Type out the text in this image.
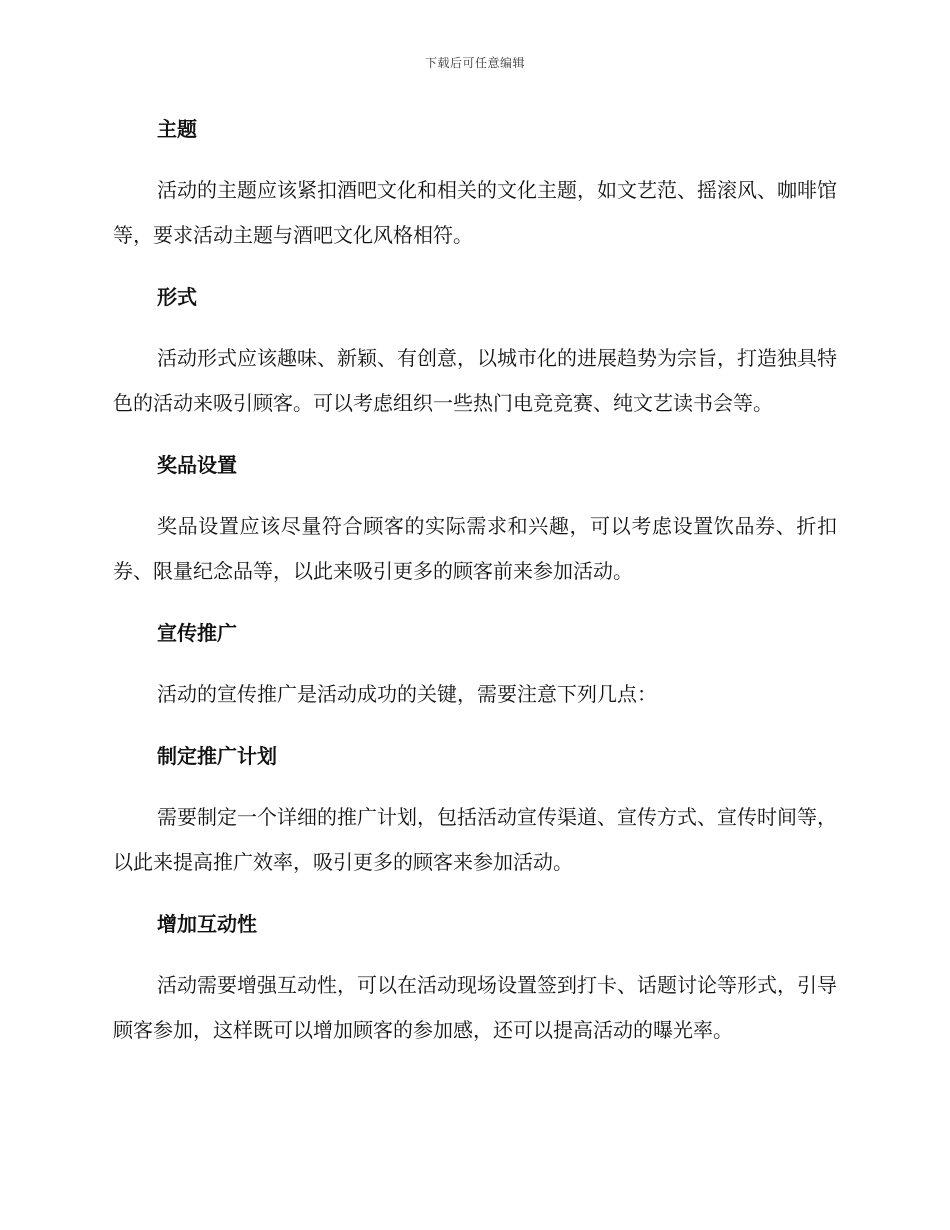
下载后可任意编辑
主题

活动的主题应该紧扣酒吧文化和相关的文化主题，如文艺范、摇滚风、咖啡馆等，要求活动主题与酒吧文化风格相符。

形式

活动形式应该趣味、新颖、有创意，以城市化的进展趋势为宗旨，打造独具特色的活动来吸引顾客。可以考虑组织一些热门电竞竞赛、纯文艺读书会等。

奖品设置

奖品设置应该尽量符合顾客的实际需求和兴趣，可以考虑设置饮品券、折扣券、限量纪念品等，以此来吸引更多的顾客前来参加活动。

宣传推广

活动的宣传推广是活动成功的关键，需要注意下列几点：

制定推广计划

需要制定一个详细的推广计划，包括活动宣传渠道、宣传方式、宣传时间等，以此来提高推广效率，吸引更多的顾客来参加活动。

增加互动性

活动需要增强互动性，可以在活动现场设置签到打卡、话题讨论等形式，引导顾客参加，这样既可以增加顾客的参加感，还可以提高活动的曝光率。
